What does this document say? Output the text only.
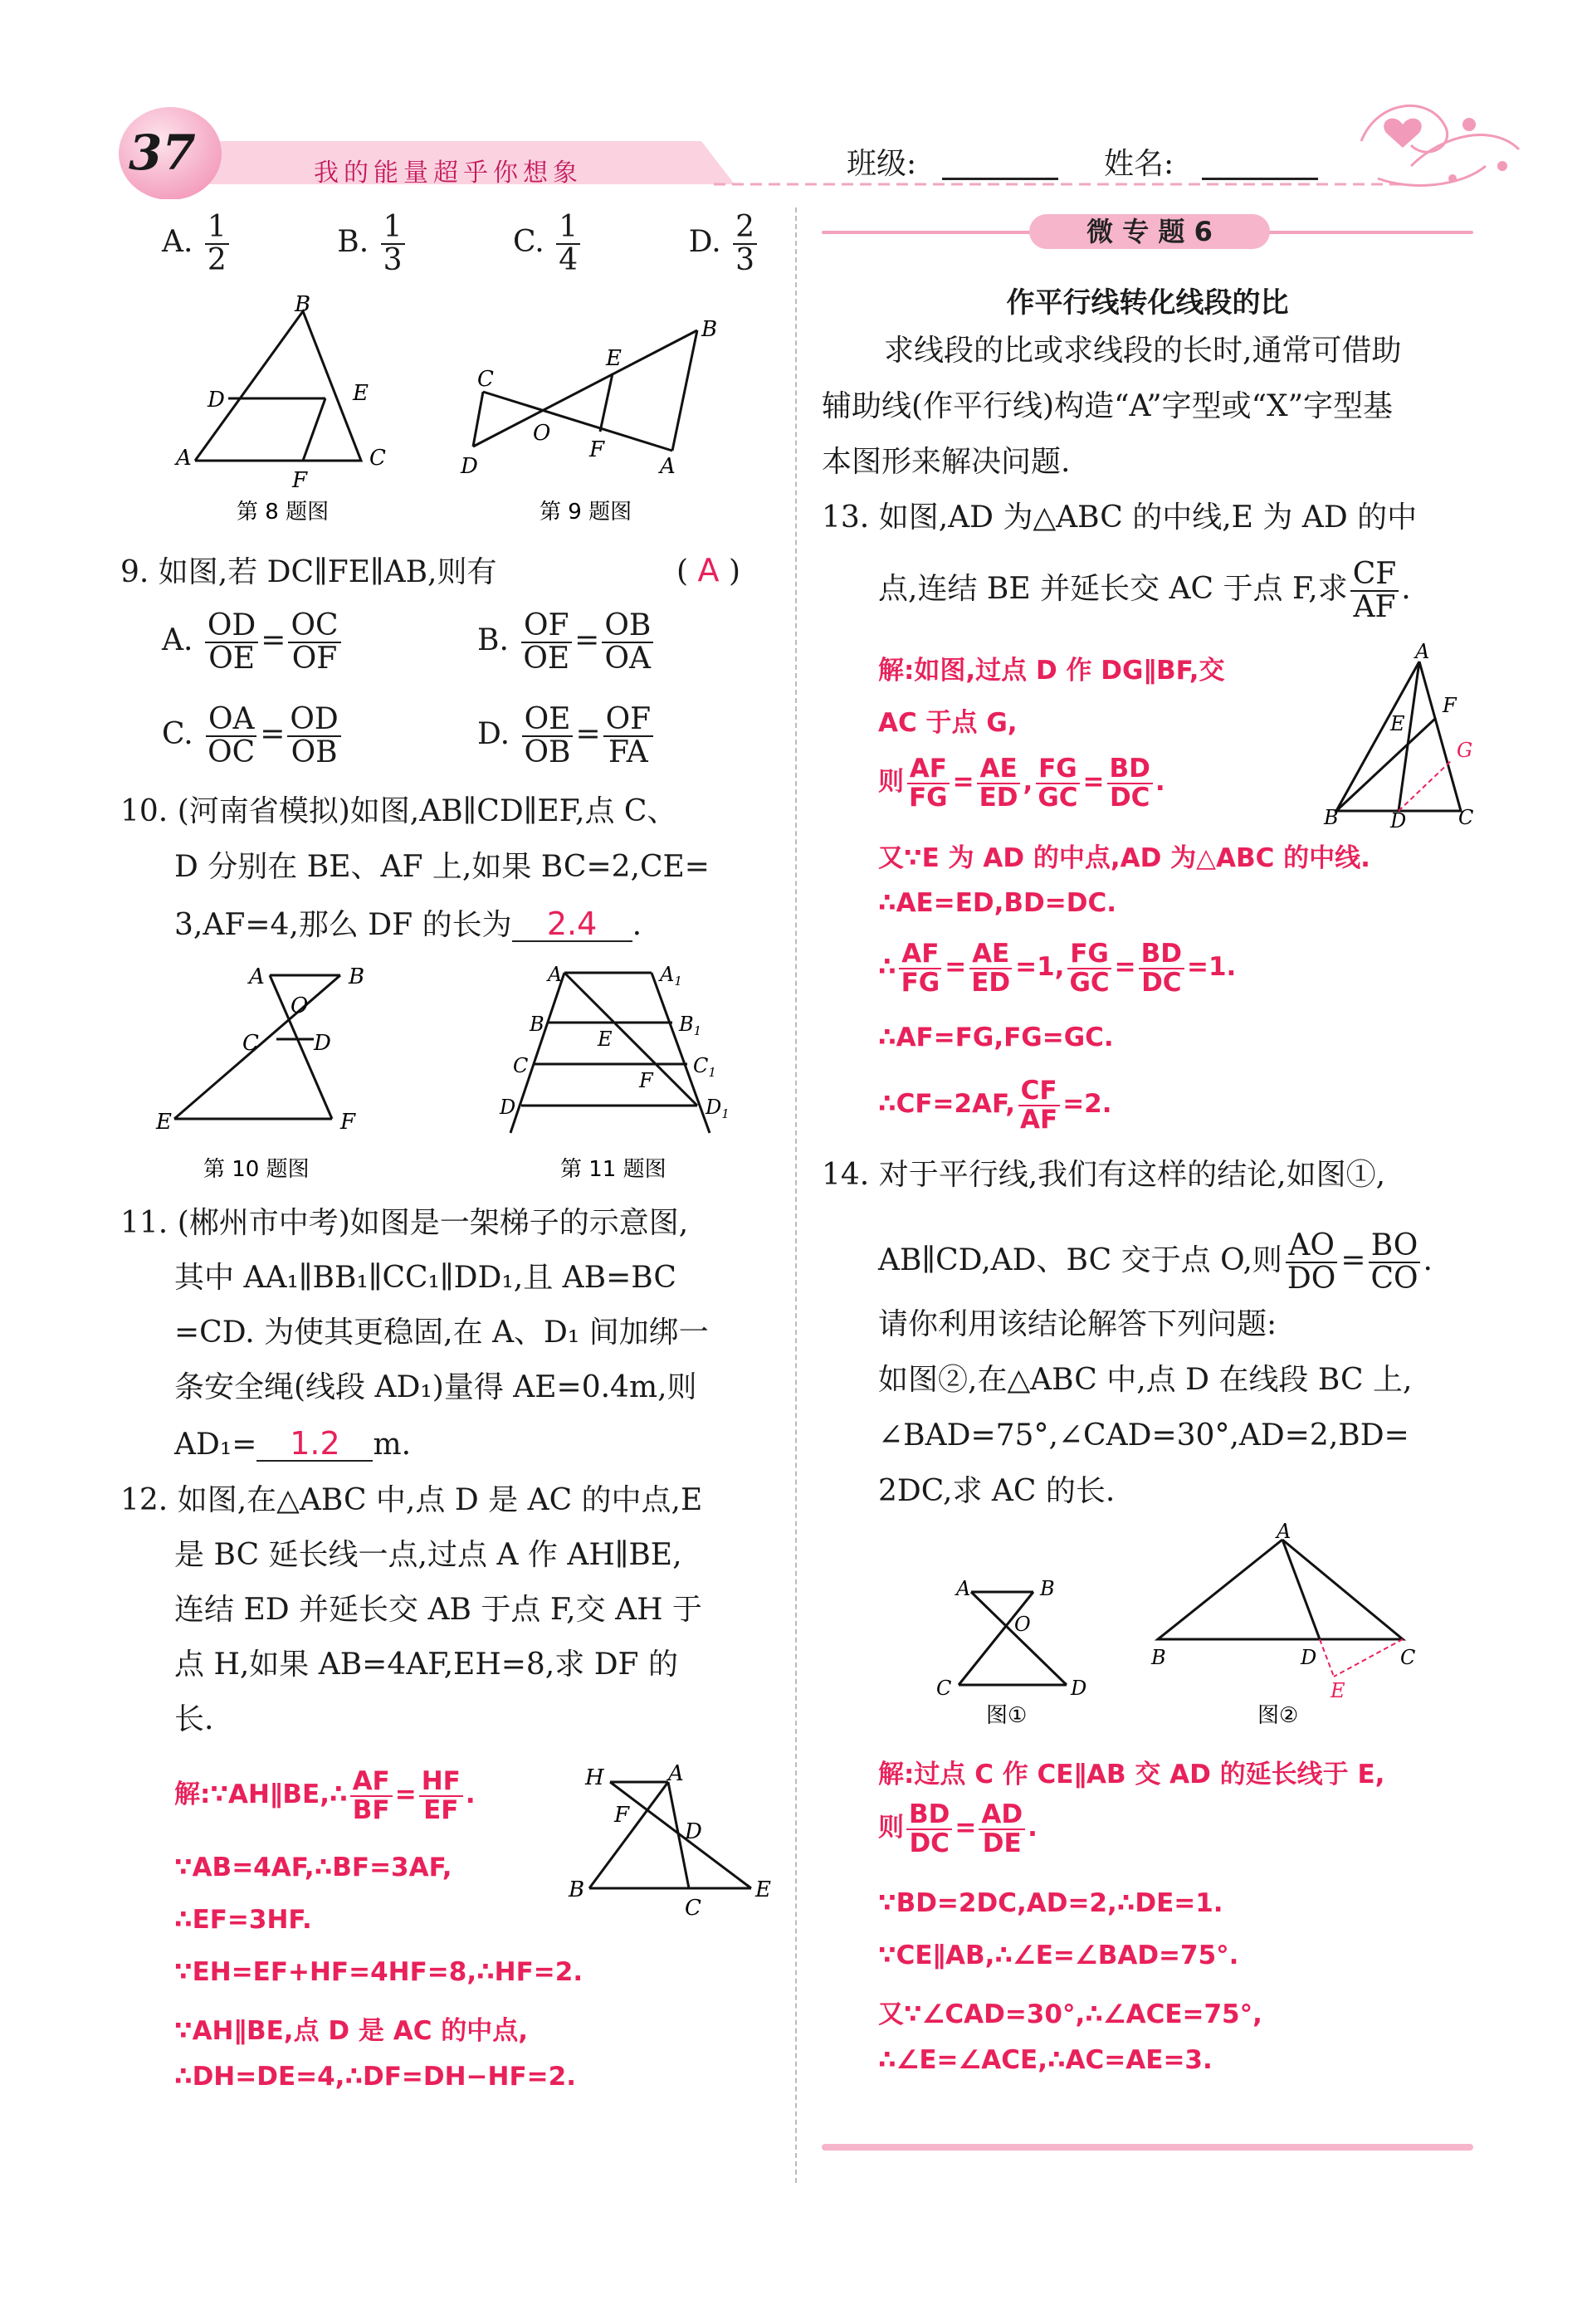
37	我的能量超乎你想象	班级:	姓名:
A. $\frac{1}{2}$	B. $\frac{1}{3}$	C. $\frac{1}{4}$	D. $\frac{2}{3}$
B
D	E
A
F
C
第 8 题图
C
E
B
O
F
D	A
第 9 题图
9. 如图,若 DC∥FE∥AB,则有	( A )
A. $\frac{OD}{OE} = \frac{OC}{OF}$	B. $\frac{OF}{OE} = \frac{OB}{OA}$
C. $\frac{OA}{OC} = \frac{OD}{OB}$	D. $\frac{OE}{OB} = \frac{OF}{FA}$
10. (河南省模拟)如图,AB∥CD∥EF,点 C、
D 分别在 BE、AF 上,如果 BC=2,CE=
3,AF=4,那么 DF 的长为 2.4 .
A	B
O
C	D
E	F
第 10 题图
A	$A_1$
B	$B_1$
E
C	$C_1$
F
D	$D_1$
第 11 题图
11. (郴州市中考)如图是一架梯子的示意图,
其中 AA₁∥BB₁∥CC₁∥DD₁,且 AB=BC
=CD. 为使其更稳固,在 A、D₁ 间加绑一
条安全绳(线段 AD₁)量得 AE=0.4m,则
AD₁= 1.2 m.
12. 如图,在△ABC 中,点 D 是 AC 的中点,E
是 BC 延长线一点,过点 A 作 AH∥BE,
连结 ED 并延长交 AB 于点 F,交 AH 于
点 H,如果 AB=4AF,EH=8,求 DF 的
长.
解:∵AH∥BE,∴ $\frac{AF}{BF} = \frac{HF}{EF}$ .
∵AB=4AF,∴BF=3AF,
∴EF=3HF.
∵EH=EF+HF=4HF=8,∴HF=2.
∵AH∥BE,点 D 是 AC 的中点,
∴DH=DE=4,∴DF=DH−HF=2.
H	A
F
D
B
C
E
微 专 题 6
作平行线转化线段的比
求线段的比或求线段的长时,通常可借助
辅助线(作平行线)构造“A”字型或“X”字型基
本图形来解决问题.
13. 如图,AD 为△ABC 的中线,E 为 AD 的中
点,连结 BE 并延长交 AC 于点 F,求 $\frac{CF}{AF}$ .
解:如图,过点 D 作 DG∥BF,交
AC 于点 G,
则 $\frac{AF}{FG} = \frac{AE}{ED}$ , $\frac{FG}{GC} = \frac{BD}{DC}$ .
又∵E 为 AD 的中点,AD 为△ABC 的中线.
∴AE=ED,BD=DC.
∴ $\frac{AF}{FG} = \frac{AE}{ED} =1$, $\frac{FG}{GC} = \frac{BD}{DC} =1$.
∴AF=FG,FG=GC.
∴CF=2AF, $\frac{CF}{AF} =2$.
A
E
F
G
B	D	C
14. 对于平行线,我们有这样的结论,如图①,
AB∥CD,AD、BC 交于点 O,则 $\frac{AO}{DO} = \frac{BO}{CO}$ .
请你利用该结论解答下列问题:
如图②,在△ABC 中,点 D 在线段 BC 上,
∠BAD=75°,∠CAD=30°,AD=2,BD=
2DC,求 AC 的长.
A	B
O
C	D
图①
A
B	D	C
E
图②
解:过点 C 作 CE∥AB 交 AD 的延长线于 E,
则 $\frac{BD}{DC} = \frac{AD}{DE}$ .
∵BD=2DC,AD=2,∴DE=1.
∵CE∥AB,∴∠E=∠BAD=75°.
又∵∠CAD=30°,∴∠ACE=75°,
∴∠E=∠ACE,∴AC=AE=3.
